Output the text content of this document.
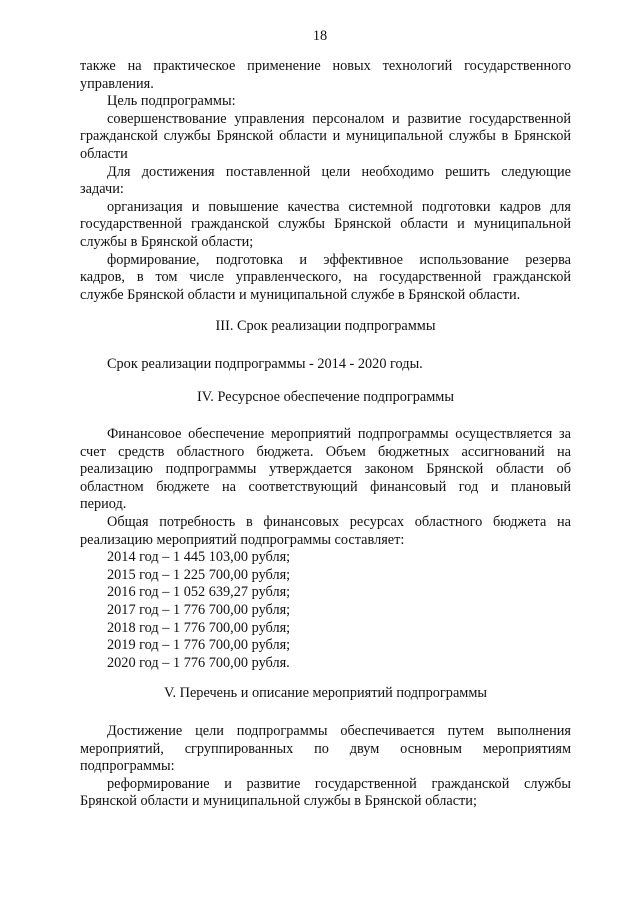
18

также на практическое применение новых технологий государственного

управления.

Цель подпрограммы:

совершенствование управления персоналом и развитие государственной

гражданской службы Брянской области и муниципальной службы в Брянской

области

Для достижения поставленной цели необходимо решить следующие

задачи:

организация и повышение качества системной подготовки кадров для

государственной гражданской службы Брянской области и муниципальной

службы в Брянской области;

формирование, подготовка и эффективное использование резерва

кадров, в том числе управленческого, на государственной гражданской

службе Брянской области и муниципальной службе в Брянской области.

III. Срок реализации подпрограммы

Срок реализации подпрограммы - 2014 - 2020 годы.

IV. Ресурсное обеспечение подпрограммы

Финансовое обеспечение мероприятий подпрограммы осуществляется за

счет средств областного бюджета. Объем бюджетных ассигнований на

реализацию подпрограммы утверждается законом Брянской области об

областном бюджете на соответствующий финансовый год и плановый

период.

Общая потребность в финансовых ресурсах областного бюджета на

реализацию мероприятий подпрограммы составляет:

2014 год – 1 445 103,00 рубля;

2015 год – 1 225 700,00 рубля;

2016 год – 1 052 639,27 рубля;

2017 год – 1 776 700,00 рубля;

2018 год – 1 776 700,00 рубля;

2019 год – 1 776 700,00 рубля;

2020 год – 1 776 700,00 рубля.

V. Перечень и описание мероприятий подпрограммы

Достижение цели подпрограммы обеспечивается путем выполнения

мероприятий, сгруппированных по двум основным мероприятиям

подпрограммы:

реформирование и развитие государственной гражданской службы

Брянской области и муниципальной службы в Брянской области;
